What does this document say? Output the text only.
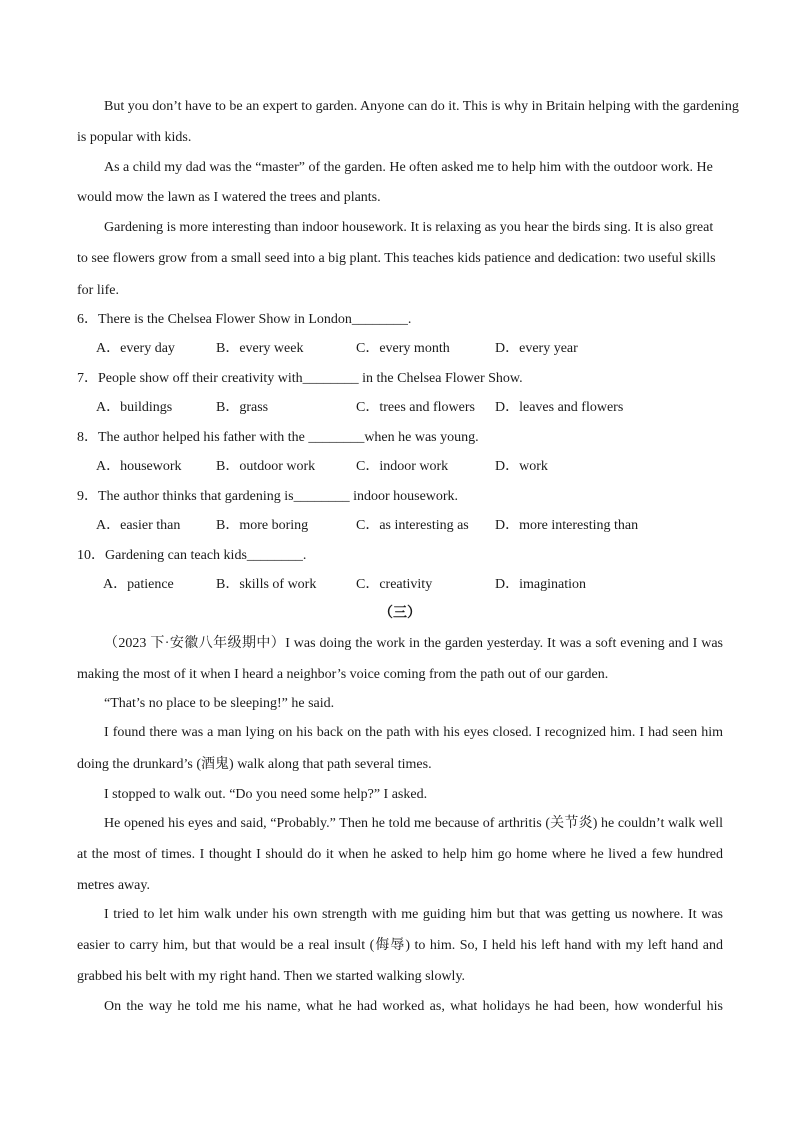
But you don’t have to be an expert to garden. Anyone can do it. This is why in Britain helping with the gardening
is popular with kids.
As a child my dad was the “master” of the garden. He often asked me to help him with the outdoor work. He
would mow the lawn as I watered the trees and plants.
Gardening is more interesting than indoor housework. It is relaxing as you hear the birds sing. It is also great
to see flowers grow from a small seed into a big plant. This teaches kids patience and dedication: two useful skills
for life.
6．There is the Chelsea Flower Show in London________.
A．every day	B．every week	C．every month	D．every year
7．People show off their creativity with________ in the Chelsea Flower Show.
A．buildings	B．grass	C．trees and flowers D．leaves and flowers
8．The author helped his father with the ________when he was young.
A．housework B．outdoor work	C．indoor work	D．work
9．The author thinks that gardening is________ indoor housework.
A．easier than	B．more boring	C．as interesting as D．more interesting than
10．Gardening can teach kids________.
A．patience	B．skills of work	C．creativity	D．imagination
（三）
（2023 下·安徽八年级期中）I was doing the work in the garden yesterday. It was a soft evening and I was
making the most of it when I heard a neighbor’s voice coming from the path out of our garden.
“That’s no place to be sleeping!” he said.
I found there was a man lying on his back on the path with his eyes closed. I recognized him. I had seen him
doing the drunkard’s (酒鬼) walk along that path several times.
I stopped to walk out. “Do you need some help?” I asked.
He opened his eyes and said, “Probably.” Then he told me because of arthritis (关节炎) he couldn’t walk well
at the most of times. I thought I should do it when he asked to help him go home where he lived a few hundred
metres away.
I tried to let him walk under his own strength with me guiding him but that was getting us nowhere. It was
easier to carry him, but that would be a real insult (侮辱) to him. So, I held his left hand with my left hand and
grabbed his belt with my right hand. Then we started walking slowly.
On the way he told me his name, what he had worked as, what holidays he had been, how wonderful his
